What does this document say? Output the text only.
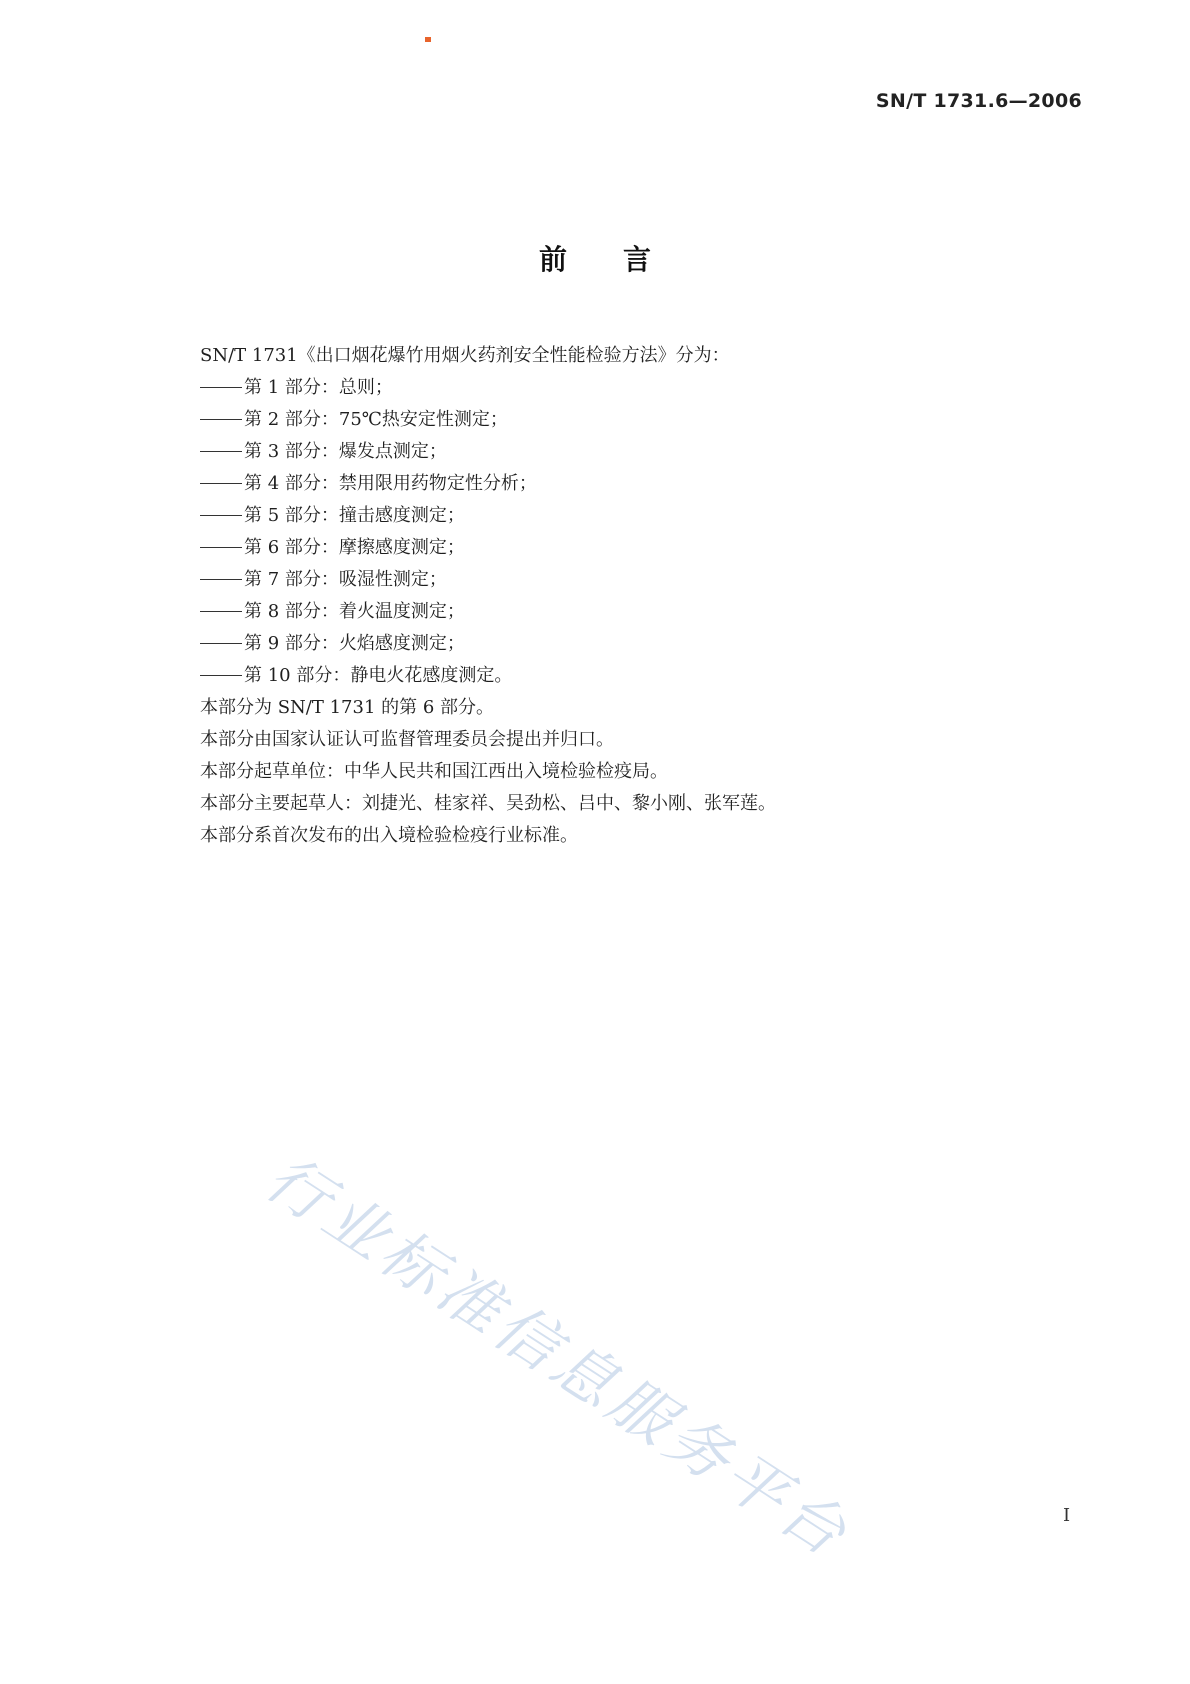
SN/T 1731.6—2006
前言
SN/T 1731《出口烟花爆竹用烟火药剂安全性能检验方法》分为：
第 1 部分：总则；
第 2 部分：75℃热安定性测定；
第 3 部分：爆发点测定；
第 4 部分：禁用限用药物定性分析；
第 5 部分：撞击感度测定；
第 6 部分：摩擦感度测定；
第 7 部分：吸湿性测定；
第 8 部分：着火温度测定；
第 9 部分：火焰感度测定；
第 10 部分：静电火花感度测定。
本部分为 SN/T 1731 的第 6 部分。
本部分由国家认证认可监督管理委员会提出并归口。
本部分起草单位：中华人民共和国江西出入境检验检疫局。
本部分主要起草人：刘捷光、桂家祥、吴劲松、吕中、黎小刚、张军莲。
本部分系首次发布的出入境检验检疫行业标准。
行业标准信息服务平台	I
